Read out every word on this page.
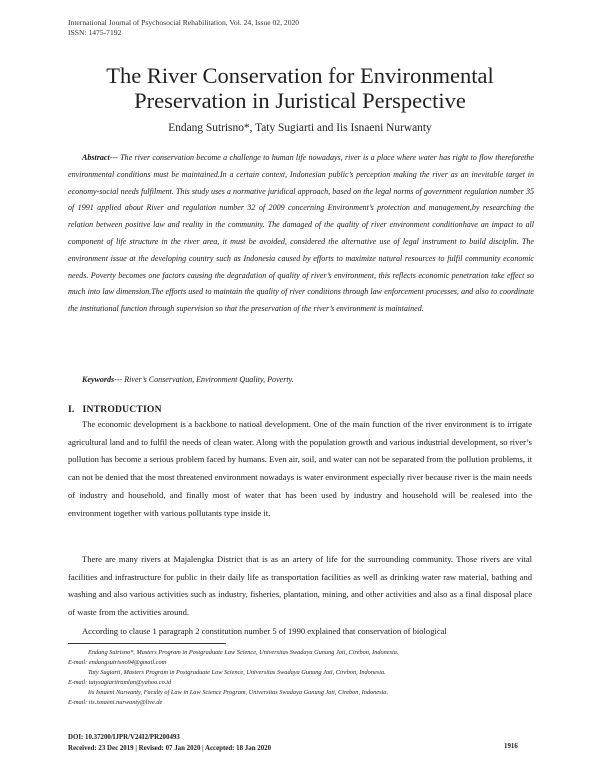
International Journal of Psychosocial Rehabilitation, Vol. 24, Issue 02, 2020
ISSN: 1475-7192
The River Conservation for Environmental
Preservation in Juristical Perspective
Endang Sutrisno*, Taty Sugiarti and Iis Isnaeni Nurwanty

Abstract--- The river conservation become a challenge to human life nowadays, river is a place where water has right to flow thereforethe environmental conditions must be maintained.In a certain context, Indonesian public’s perception making the river as an inevitable target in economy-social needs fulfilment. This study uses a normative juridical approach, based on the legal norms of government regulation number 35 of 1991 applied about River and regulation number 32 of 2009 concerning Environment’s protection and management,by researching the relation between positive law and reality in the community. The damaged of the quality of river environment conditionhave an impact to all component of life structure in the river area, it must be avoided, considered the alternative use of legal instrument to build disciplin. The environment issue at the developing country such as Indonesia caused by efforts to maximize natural resources to fulfil community economic needs. Poverty becomes one factors causing the degradation of quality of river’s environment, this reflects economic penetration take effect so much into law dimension.The efforts used to maintain the quality of river conditions through law enforcement processes, and also to coordinate the institutional function through supervision so that the preservation of the river’s environment is maintained.

Keywords--- River’s Conservation, Environment Quality, Poverty.
I. INTRODUCTION

The economic development is a backbone to natioal development. One of the main function of the river environment is to irrigate agricultural land and to fulfil the needs of clean water. Along with the population growth and various industrial development, so river’s pollution has become a serious problem faced by humans. Even air, soil, and water can not be separated from the pollution problems, it can not be denied that the most threatened environment nowadays is water environment especially river because river is the main needs of industry and household, and finally most of water that has been used by industry and household will be realesed into the environment together with various pollutants type inside it.

There are many rivers at Majalengka District that is as an artery of life for the surrounding community. Those rivers are vital facilities and infrastructure for public in their daily life as transportation facilities as well as drinking water raw material, bathing and washing and also various activities such as industry, fisheries, plantation, mining, and other activities and also as a final disposal place of waste from the activities around.

According to clause 1 paragraph 2 constitution number 5 of 1990 explained that conservation of biological

Endang Sutrisno*, Masters Program in Postgraduate Law Science, Universitas Swadaya Gunung Jati, Cirebon, Indonesia.
E-mail: endangsutrisno94@gmail.com
Taty Sugiarti, Masters Program in Postgraduate Law Science, Universitas Swadaya Gunung Jati, Cirebon, Indonesia.
E-mail: tatysugiartiramlan@yahoo.co.id
Iis Isnaeni Nurwanty, Faculty of Law in Law Science Program, Universitas Swadaya Gunung Jati, Cirebon, Indonesia.
E-mail: iis.isnaeni.nurwanty@live.de
DOI: 10.37200/IJPR/V24I2/PR200493
Received: 23 Dec 2019 | Revised: 07 Jan 2020 | Accepted: 18 Jan 2020	1916
